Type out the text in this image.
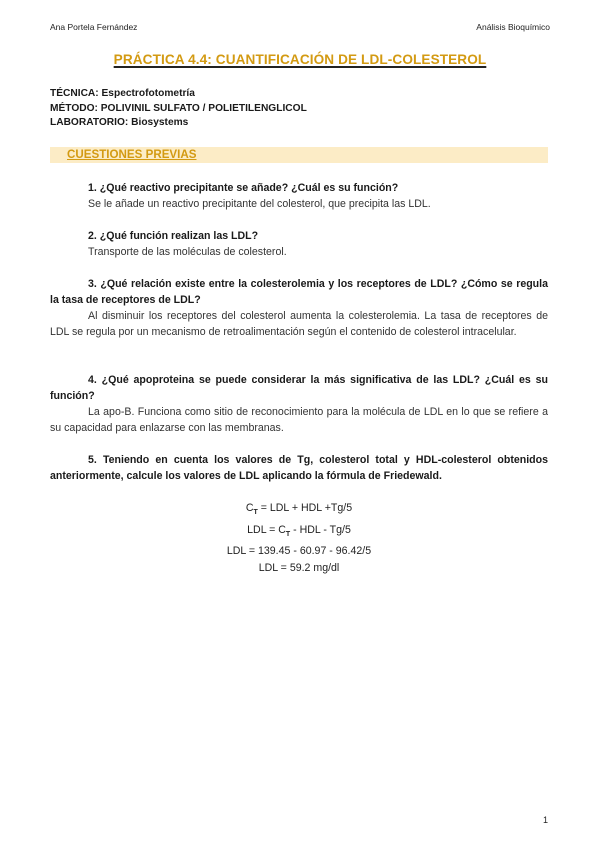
Ana Portela Fernández	Análisis Bioquímico
PRÁCTICA 4.4: CUANTIFICACIÓN DE LDL-COLESTEROL
TÉCNICA: Espectrofotometría
MÉTODO: POLIVINIL SULFATO / POLIETILENGLICOL
LABORATORIO: Biosystems
CUESTIONES PREVIAS
1. ¿Qué reactivo precipitante se añade? ¿Cuál es su función?
Se le añade un reactivo precipitante del colesterol, que precipita las LDL.
2. ¿Qué función realizan las LDL?
Transporte de las moléculas de colesterol.
3. ¿Qué relación existe entre la colesterolemia y los receptores de LDL? ¿Cómo se regula la tasa de receptores de LDL?
Al disminuir los receptores del colesterol aumenta la colesterolemia. La tasa de receptores de LDL se regula por un mecanismo de retroalimentación según el contenido de colesterol intracelular.
4. ¿Qué apoproteina se puede considerar la más significativa de las LDL? ¿Cuál es su función?
La apo-B. Funciona como sitio de reconocimiento para la molécula de LDL en lo que se refiere a su capacidad para enlazarse con las membranas.
5. Teniendo en cuenta los valores de Tg, colesterol total y HDL-colesterol obtenidos anteriormente, calcule los valores de LDL aplicando la fórmula de Friedewald.
$C_T$ = LDL + HDL +Tg/5
LDL = $C_T$ - HDL - Tg/5
LDL = 139.45 - 60.97 - 96.42/5
LDL = 59.2 mg/dl
1
